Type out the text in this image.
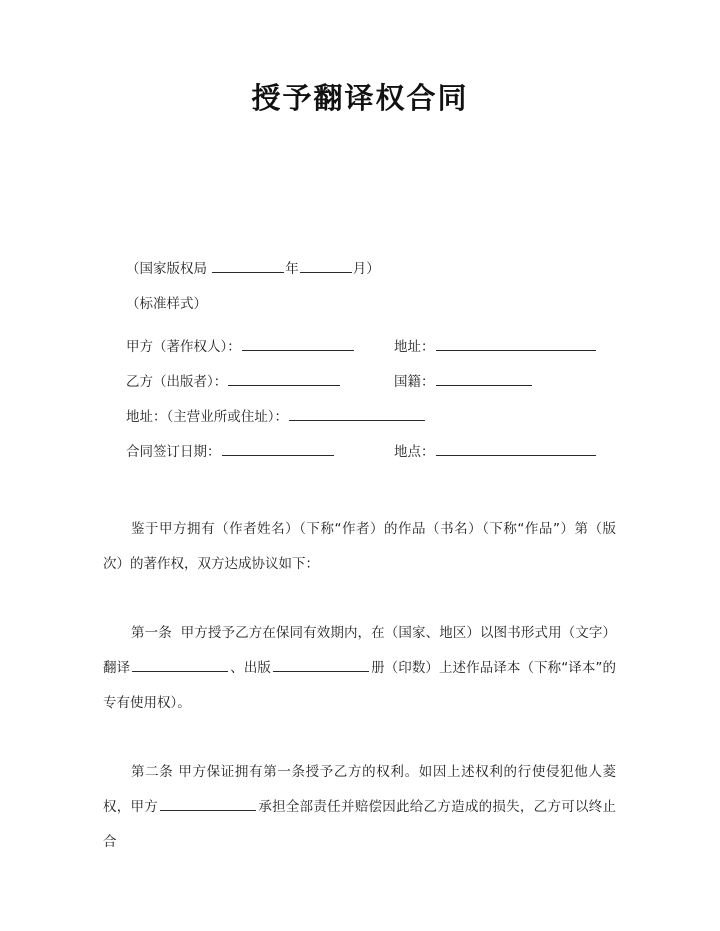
授予翻译权合同
（国家版权局	年	月）
（标准样式）
甲方（著作权人）：	地址：
乙方（出版者）：	国籍：
地址：（主营业所或住址）：
合同签订日期：	地点：

鉴于甲方拥有（作者姓名）（下称“作者）的作品（书名）（下称“作品”）第（版次）的著作权，双方达成协议如下：

第一条 甲方授予乙方在保同有效期内，在（国家、地区）以图书形式用（文字）翻译	、出版	册（印数）上述作品译本（下称“译本”的专有使用权）。

第二条 甲方保证拥有第一条授予乙方的权利。如因上述权利的行使侵犯他人菱权，甲方	承担全部责任并赔偿因此给乙方造成的损失，乙方可以终止合
